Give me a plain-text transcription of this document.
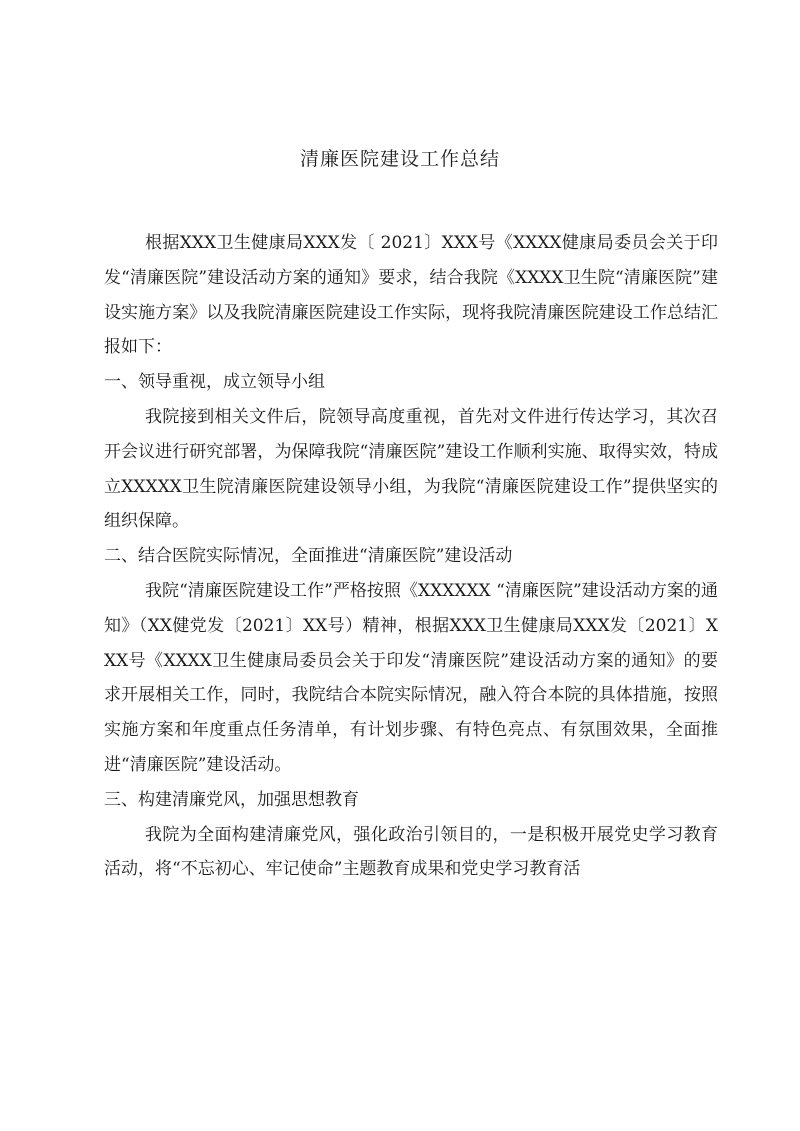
清廉医院建设工作总结

根据XXX卫生健康局XXX发〔 2021〕XXX号《XXXX健康局委员会关于印发“清廉医院”建设活动方案的通知》要求，结合我院《XXXX卫生院“清廉医院”建设实施方案》以及我院清廉医院建设工作实际，现将我院清廉医院建设工作总结汇报如下：

一、领导重视，成立领导小组

我院接到相关文件后，院领导高度重视，首先对文件进行传达学习，其次召开会议进行研究部署，为保障我院“清廉医院”建设工作顺利实施、取得实效，特成立XXXXX卫生院清廉医院建设领导小组，为我院“清廉医院建设工作”提供坚实的组织保障。

二、结合医院实际情况，全面推进“清廉医院”建设活动

我院“清廉医院建设工作”严格按照《XXXXXX “清廉医院”建设活动方案的通知》（XX健党发〔2021〕XX号）精神，根据XXX卫生健康局XXX发〔2021〕XXX号《XXXX卫生健康局委员会关于印发“清廉医院”建设活动方案的通知》的要求开展相关工作，同时，我院结合本院实际情况，融入符合本院的具体措施，按照实施方案和年度重点任务清单，有计划步骤、有特色亮点、有氛围效果，全面推进“清廉医院”建设活动。

三、构建清廉党风，加强思想教育

我院为全面构建清廉党风，强化政治引领目的，一是积极开展党史学习教育活动，将“不忘初心、牢记使命”主题教育成果和党史学习教育活
